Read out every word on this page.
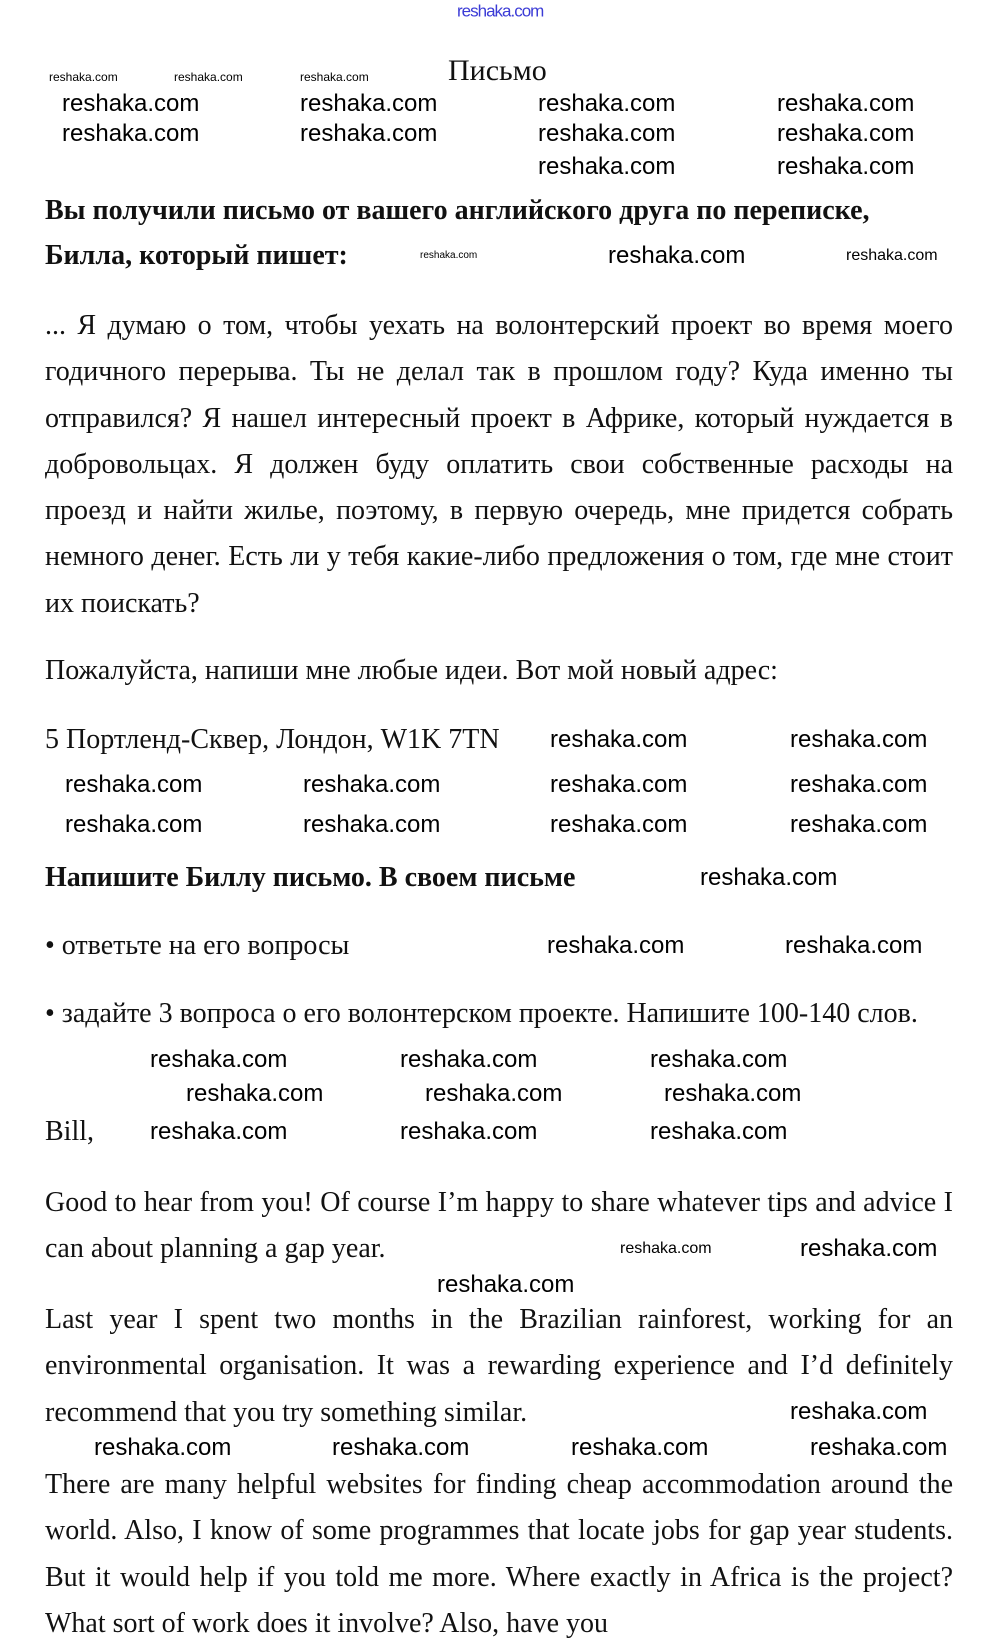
Письмо

Вы получили письмо от вашего английского друга по переписке,
Билла, который пишет:

... Я думаю о том, чтобы уехать на волонтерский проект во время моего годичного перерыва. Ты не делал так в прошлом году? Куда именно ты отправился? Я нашел интересный проект в Африке, который нуждается в добровольцах. Я должен буду оплатить свои собственные расходы на проезд и найти жилье, поэтому, в первую очередь, мне придется собрать немного денег. Есть ли у тебя какие-либо предложения о том, где мне стоит их поискать?

Пожалуйста, напиши мне любые идеи. Вот мой новый адрес:

5 Портленд-Сквер, Лондон, W1K 7TN

Напишите Биллу письмо. В своем письме

• ответьте на его вопросы

• задайте 3 вопроса о его волонтерском проекте. Напишите 100-140 слов.

Bill,

Good to hear from you! Of course I’m happy to share whatever tips and advice I can about planning a gap year.

Last year I spent two months in the Brazilian rainforest, working for an environmental organisation. It was a rewarding experience and I’d definitely recommend that you try something similar.

There are many helpful websites for finding cheap accommodation around the world. Also, I know of some programmes that locate jobs for gap year students. But it would help if you told me more. Where exactly in Africa is the project? What sort of work does it involve? Also, have you

reshaka.com
reshaka.com	reshaka.com	reshaka.com
reshaka.com	reshaka.com	reshaka.com	reshaka.com
reshaka.com	reshaka.com	reshaka.com	reshaka.com
reshaka.com	reshaka.com
reshaka.com	reshaka.com	reshaka.com
reshaka.com	reshaka.com
reshaka.com	reshaka.com	reshaka.com	reshaka.com
reshaka.com	reshaka.com	reshaka.com	reshaka.com
reshaka.com
reshaka.com	reshaka.com
reshaka.com	reshaka.com	reshaka.com
reshaka.com	reshaka.com	reshaka.com
reshaka.com	reshaka.com	reshaka.com
reshaka.com	reshaka.com
reshaka.com
reshaka.com
reshaka.com	reshaka.com	reshaka.com	reshaka.com
